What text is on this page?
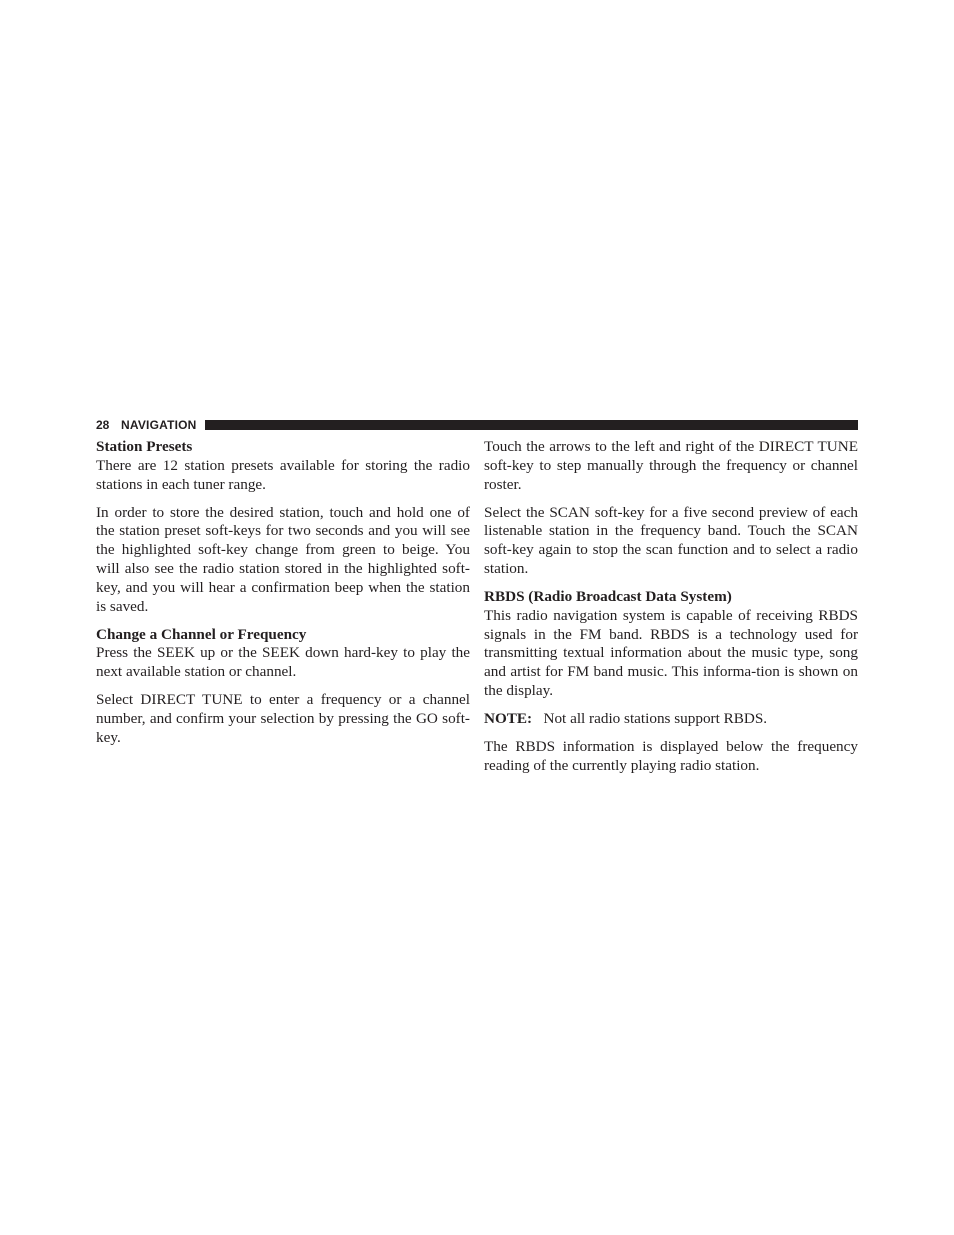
28 NAVIGATION
Station Presets

There are 12 station presets available for storing the radio stations in each tuner range.

In order to store the desired station, touch and hold one of the station preset soft-keys for two seconds and you will see the highlighted soft-key change from green to beige. You will also see the radio station stored in the highlighted soft-key, and you will hear a confirmation beep when the station is saved.

Change a Channel or Frequency

Press the SEEK up or the SEEK down hard-key to play the next available station or channel.

Select DIRECT TUNE to enter a frequency or a channel number, and confirm your selection by pressing the GO soft-key.

Touch the arrows to the left and right of the DIRECT TUNE soft-key to step manually through the frequency or channel roster.

Select the SCAN soft-key for a five second preview of each listenable station in the frequency band. Touch the SCAN soft-key again to stop the scan function and to select a radio station.

RBDS (Radio Broadcast Data System)

This radio navigation system is capable of receiving RBDS signals in the FM band. RBDS is a technology used for transmitting textual information about the music type, song and artist for FM band music. This informa-tion is shown on the display.

NOTE: Not all radio stations support RBDS.

The RBDS information is displayed below the frequency reading of the currently playing radio station.
